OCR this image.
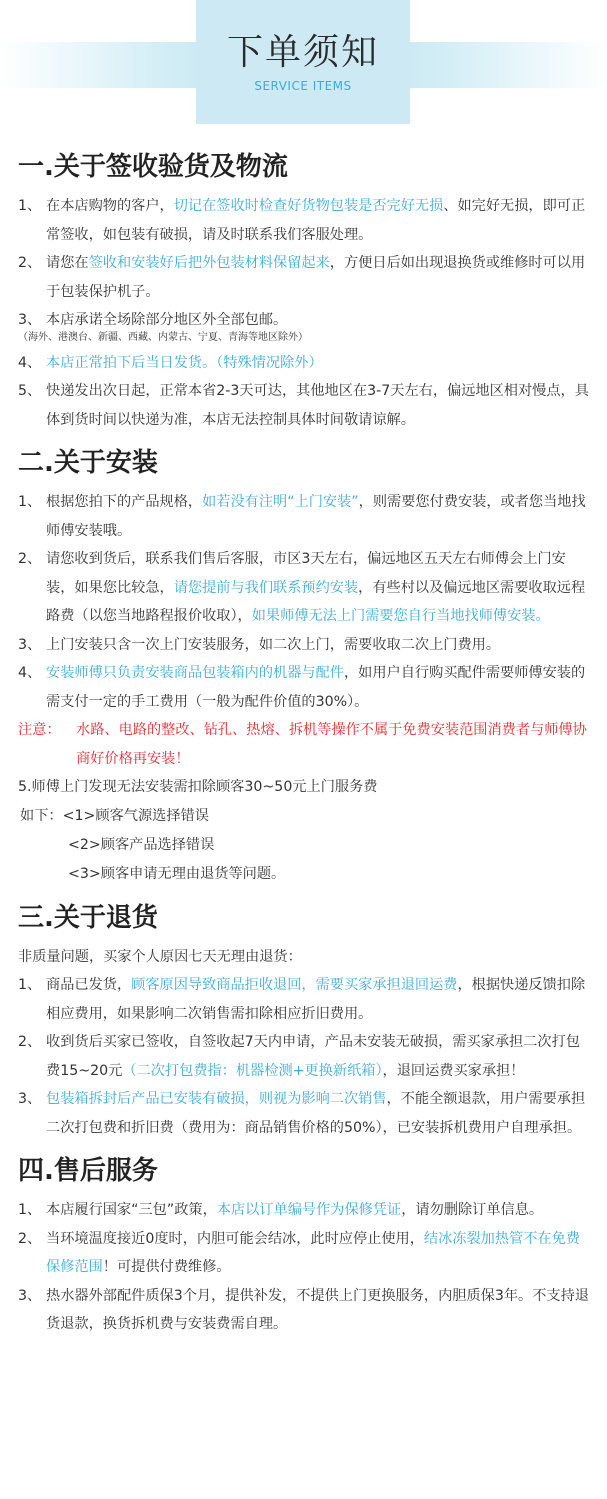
下单须知
SERVICE ITEMS
一.关于签收验货及物流
1、 在本店购物的客户，切记在签收时检查好货物包装是否完好无损、如完好无损，即可正常签收，如包装有破损，请及时联系我们客服处理。
2、 请您在签收和安装好后把外包装材料保留起来，方便日后如出现退换货或维修时可以用于包装保护机子。
3、 本店承诺全场除部分地区外全部包邮。
（海外、港澳台、新疆、西藏、内蒙古、宁夏、青海等地区除外）
4、 本店正常拍下后当日发货。（特殊情况除外）
5、 快递发出次日起，正常本省2-3天可达，其他地区在3-7天左右，偏远地区相对慢点，具体到货时间以快递为准，本店无法控制具体时间敬请谅解。
二.关于安装
1、 根据您拍下的产品规格，如若没有注明“上门安装”，则需要您付费安装，或者您当地找师傅安装哦。
2、 请您收到货后，联系我们售后客服，市区3天左右，偏远地区五天左右师傅会上门安装，如果您比较急，请您提前与我们联系预约安装，有些村以及偏远地区需要收取远程路费（以您当地路程报价收取），如果师傅无法上门需要您自行当地找师傅安装。
3、 上门安装只含一次上门安装服务，如二次上门，需要收取二次上门费用。
4、 安装师傅只负责安装商品包装箱内的机器与配件，如用户自行购买配件需要师傅安装的需支付一定的手工费用（一般为配件价值的30%）。
注意： 水路、电路的整改、钻孔、热熔、拆机等操作不属于免费安装范围消费者与师傅协商好价格再安装！
5.师傅上门发现无法安装需扣除顾客30~50元上门服务费
如下：<1>顾客气源选择错误
<2>顾客产品选择错误
<3>顾客申请无理由退货等问题。
三.关于退货
非质量问题，买家个人原因七天无理由退货：
1、 商品已发货，顾客原因导致商品拒收退回，需要买家承担退回运费，根据快递反馈扣除相应费用，如果影响二次销售需扣除相应折旧费用。
2、 收到货后买家已签收，自签收起7天内申请，产品未安装无破损，需买家承担二次打包费15~20元（二次打包费指：机器检测+更换新纸箱），退回运费买家承担！
3、 包装箱拆封后产品已安装有破损，则视为影响二次销售，不能全额退款，用户需要承担二次打包费和折旧费（费用为：商品销售价格的50%），已安装拆机费用户自理承担。
四.售后服务
1、 本店履行国家“三包”政策，本店以订单编号作为保修凭证，请勿删除订单信息。
2、 当环境温度接近0度时，内胆可能会结冰，此时应停止使用，结冰冻裂加热管不在免费保修范围！可提供付费维修。
3、 热水器外部配件质保3个月，提供补发，不提供上门更换服务，内胆质保3年。不支持退货退款，换货拆机费与安装费需自理。
